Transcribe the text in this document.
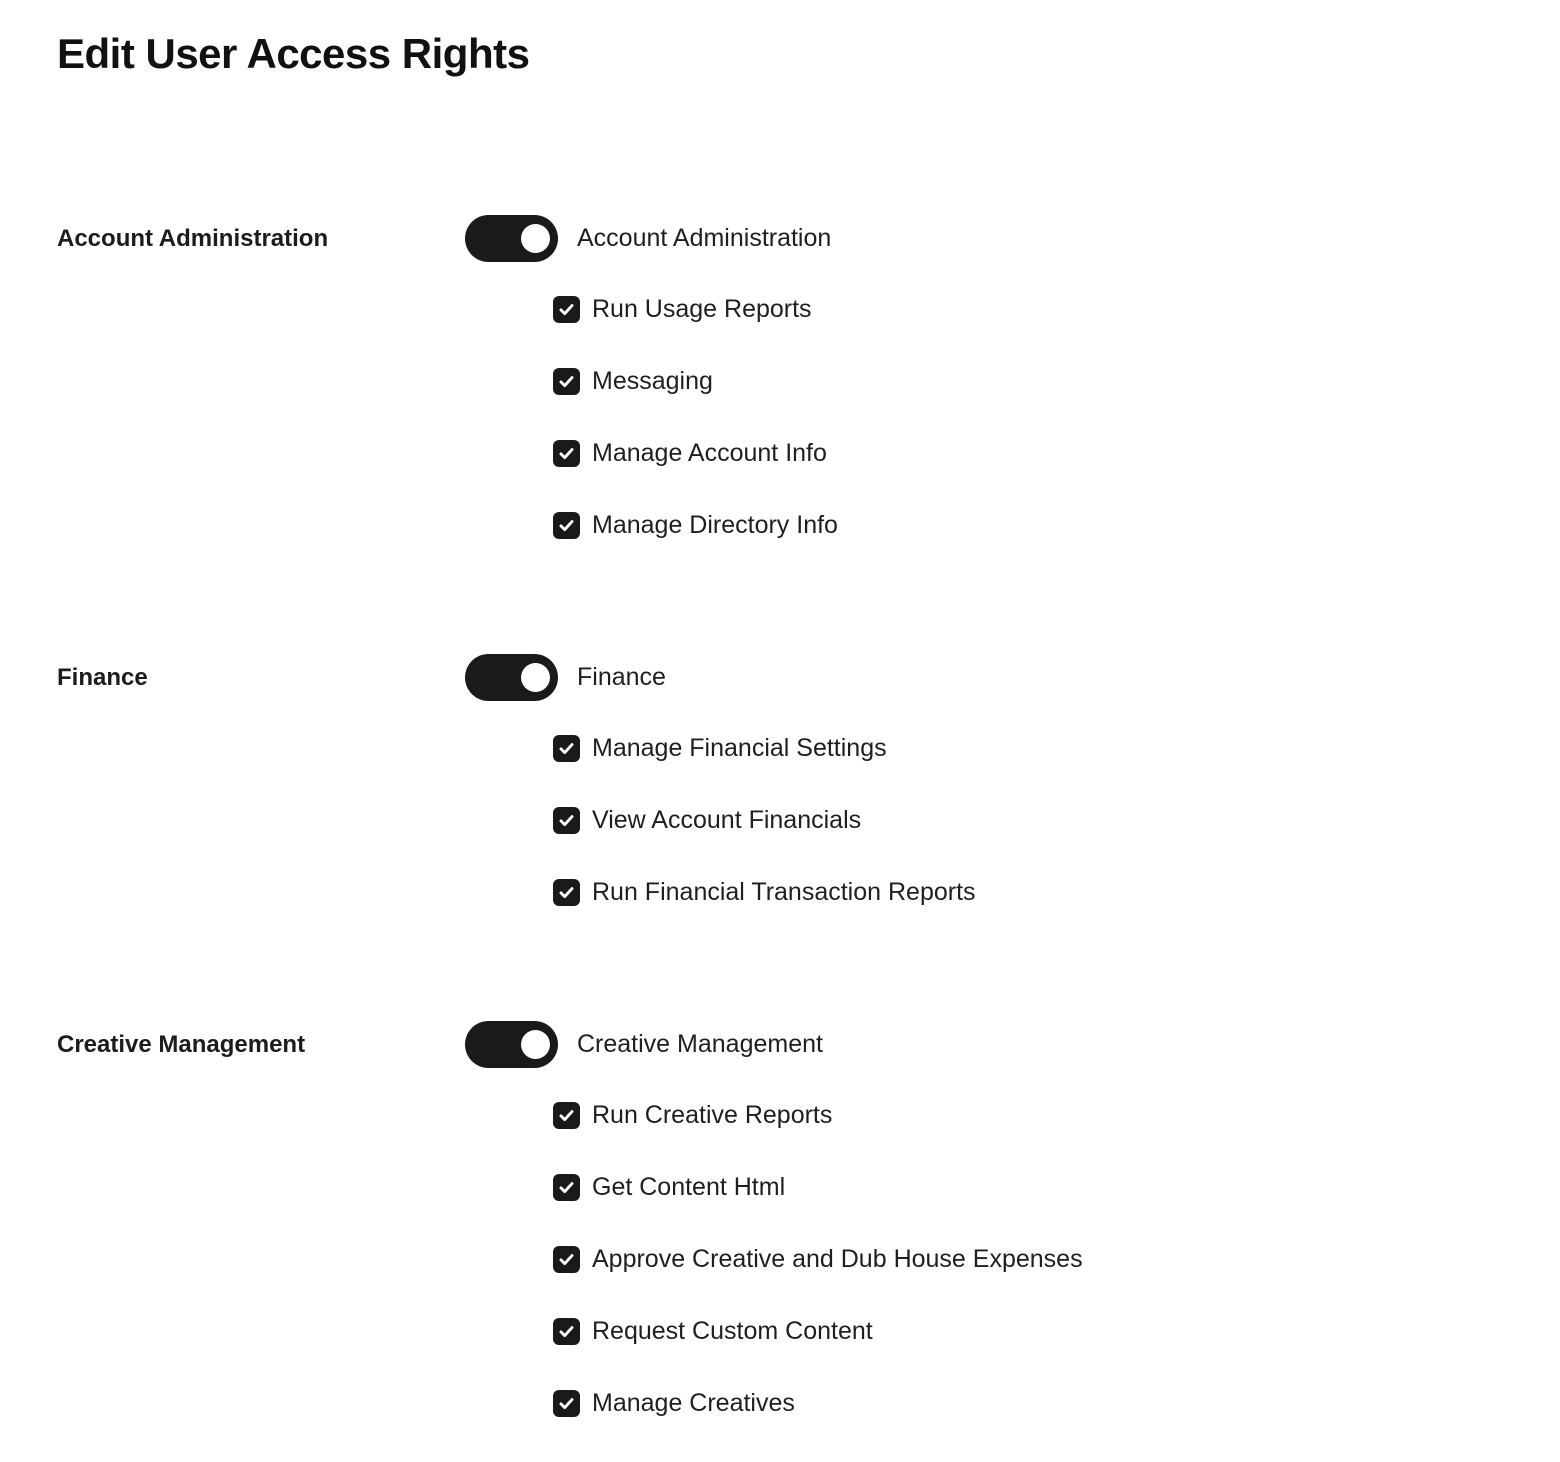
Edit User Access Rights
Account Administration	Account Administration
Run Usage Reports
Messaging
Manage Account Info
Manage Directory Info
Finance	Finance
Manage Financial Settings
View Account Financials
Run Financial Transaction Reports
Creative Management	Creative Management
Run Creative Reports
Get Content Html
Approve Creative and Dub House Expenses
Request Custom Content
Manage Creatives
